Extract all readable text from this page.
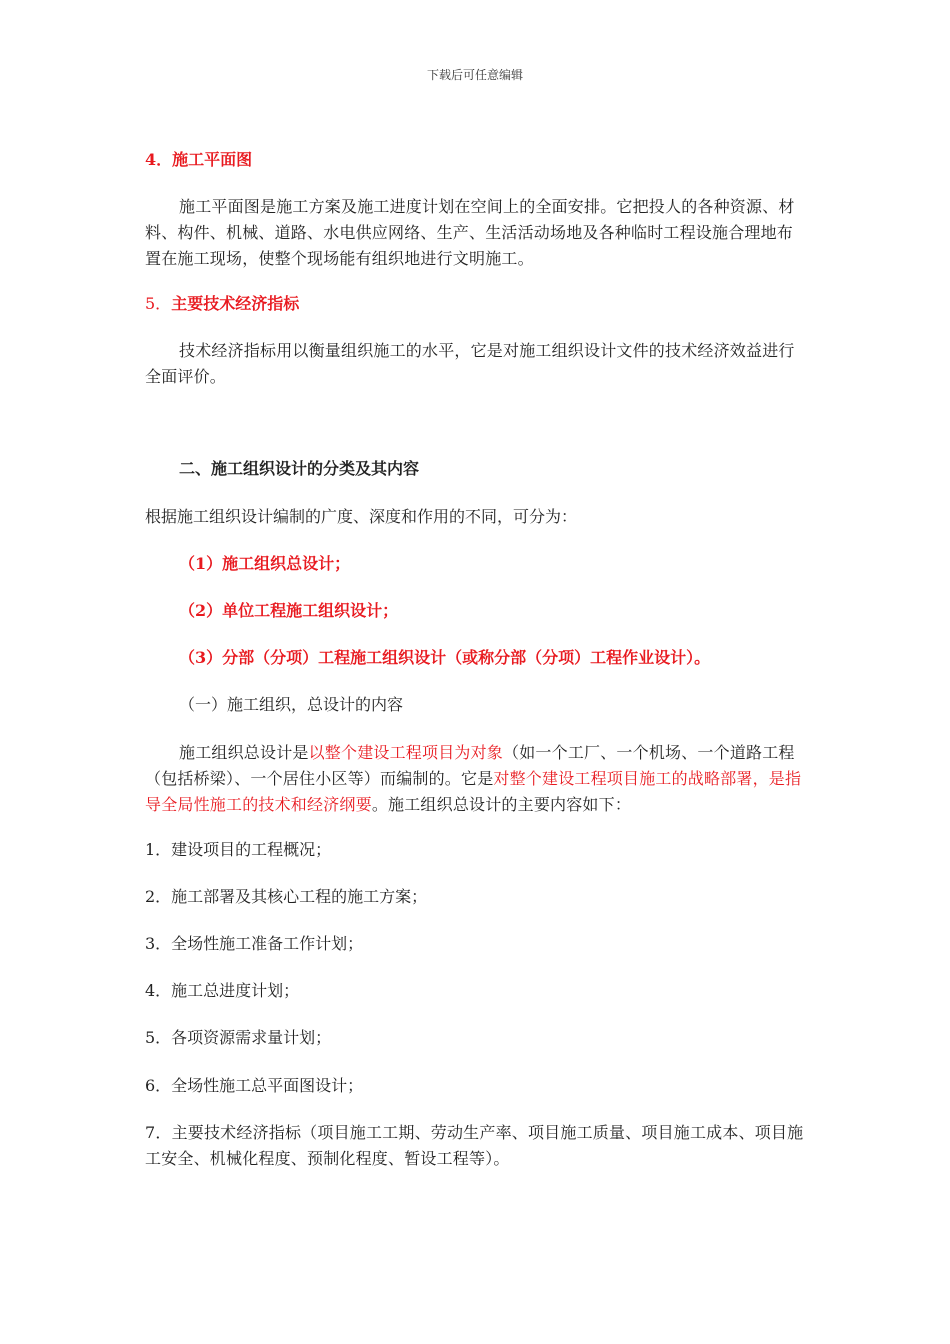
下载后可任意编辑
4．施工平面图
施工平面图是施工方案及施工进度计划在空间上的全面安排。它把投人的各种资源、材料、构件、机械、道路、水电供应网络、生产、生活活动场地及各种临时工程设施合理地布置在施工现场，使整个现场能有组织地进行文明施工。
5．主要技术经济指标
技术经济指标用以衡量组织施工的水平，它是对施工组织设计文件的技术经济效益进行全面评价。
二、施工组织设计的分类及其内容
根据施工组织设计编制的广度、深度和作用的不同，可分为：
（1）施工组织总设计；
（2）单位工程施工组织设计；
（3）分部（分项）工程施工组织设计（或称分部（分项）工程作业设计）。
（一）施工组织，总设计的内容
施工组织总设计是以整个建设工程项目为对象（如一个工厂、一个机场、一个道路工程（包括桥梁）、一个居住小区等）而编制的。它是对整个建设工程项目施工的战略部署，是指导全局性施工的技术和经济纲要。施工组织总设计的主要内容如下：
1．建设项目的工程概况；
2．施工部署及其核心工程的施工方案；
3．全场性施工准备工作计划；
4．施工总进度计划；
5．各项资源需求量计划；
6．全场性施工总平面图设计；
7．主要技术经济指标（项目施工工期、劳动生产率、项目施工质量、项目施工成本、项目施工安全、机械化程度、预制化程度、暂设工程等）。
